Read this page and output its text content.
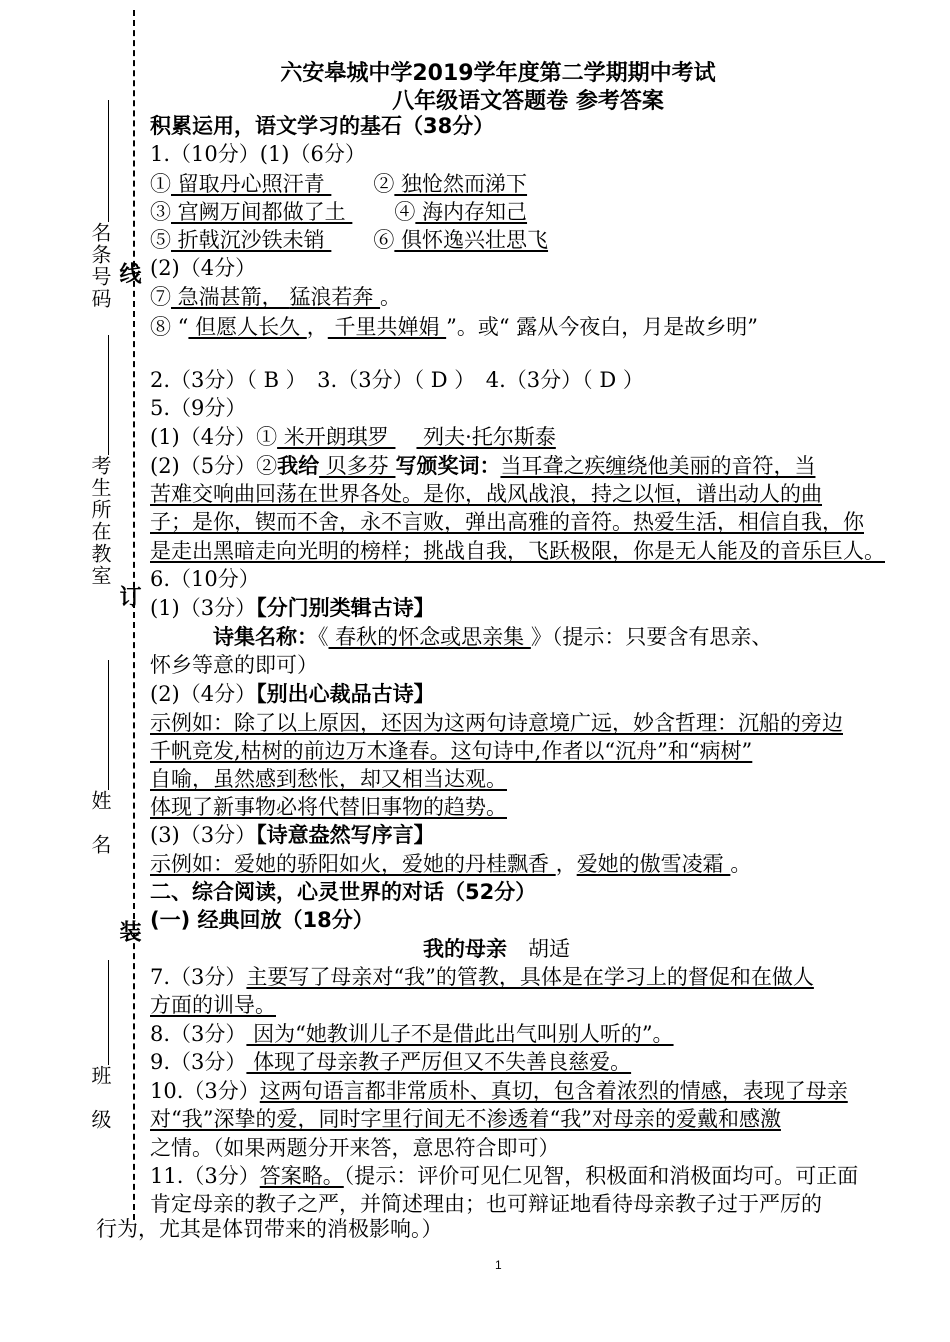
名条号码 线
考生所在教室
订
姓　名
装
班　级
六安皋城中学2019学年度第二学期期中考试
八年级语文答题卷 参考答案
积累运用，语文学习的基石（38分）
1.（10分）(1)（6分）
① 留取丹心照汗青 　　② 独怆然而涕下
③ 宫阙万间都做了土 　　④ 海内存知己
⑤ 折戟沉沙铁未销 　　⑥ 俱怀逸兴壮思飞
(2)（4分）
⑦ 急湍甚箭， 猛浪若奔 。
⑧ “ 但愿人长久 ， 千里共婵娟 ”。或“ 露从今夜白，月是故乡明”
2.（3分）（ B ）　3.（3分）（ D ）　4.（3分）（ D ）
5.（9分）
(1)（4分）① 米开朗琪罗 　 列夫·托尔斯泰
(2)（5分）②我给 贝多芬 写颁奖词：当耳聋之疾缠绕他美丽的音符，当
苦难交响曲回荡在世界各处。是你，战风战浪，持之以恒，谱出动人的曲
子；是你，锲而不舍，永不言败，弹出高雅的音符。热爱生活，相信自我，你
是走出黑暗走向光明的榜样；挑战自我，飞跃极限，你是无人能及的音乐巨人。
6.（10分）
(1)（3分）【分门别类辑古诗】
　　　诗集名称：《 春秋的怀念或思亲集 》（提示：只要含有思亲、
怀乡等意的即可）
(2)（4分）【别出心裁品古诗】
示例如：除了以上原因，还因为这两句诗意境广远，妙含哲理：沉船的旁边
千帆竞发,枯树的前边万木逢春。这句诗中,作者以“沉舟”和“病树”
自喻，虽然感到愁怅，却又相当达观。
体现了新事物必将代替旧事物的趋势。
(3)（3分）【诗意盎然写序言】
示例如：爱她的骄阳如火，爱她的丹桂飘香 ，爱她的傲雪凌霜 。
二、综合阅读，心灵世界的对话（52分）
(一) 经典回放（18分）
　　　　　　　　　　　　　我的母亲　胡适
7.（3分）主要写了母亲对“我”的管教，具体是在学习上的督促和在做人
方面的训导。
8.（3分） 因为“她教训儿子不是借此出气叫别人听的”。
9.（3分） 体现了母亲教子严厉但又不失善良慈爱。
10.（3分）这两句语言都非常质朴、真切，包含着浓烈的情感，表现了母亲
对“我”深挚的爱，同时字里行间无不渗透着“我”对母亲的爱戴和感激
之情。（如果两题分开来答，意思符合即可）
11.（3分）答案略。（提示：评价可见仁见智，积极面和消极面均可。可正面
肯定母亲的教子之严，并简述理由；也可辩证地看待母亲教子过于严厉的
行为，尤其是体罚带来的消极影响。）
1
